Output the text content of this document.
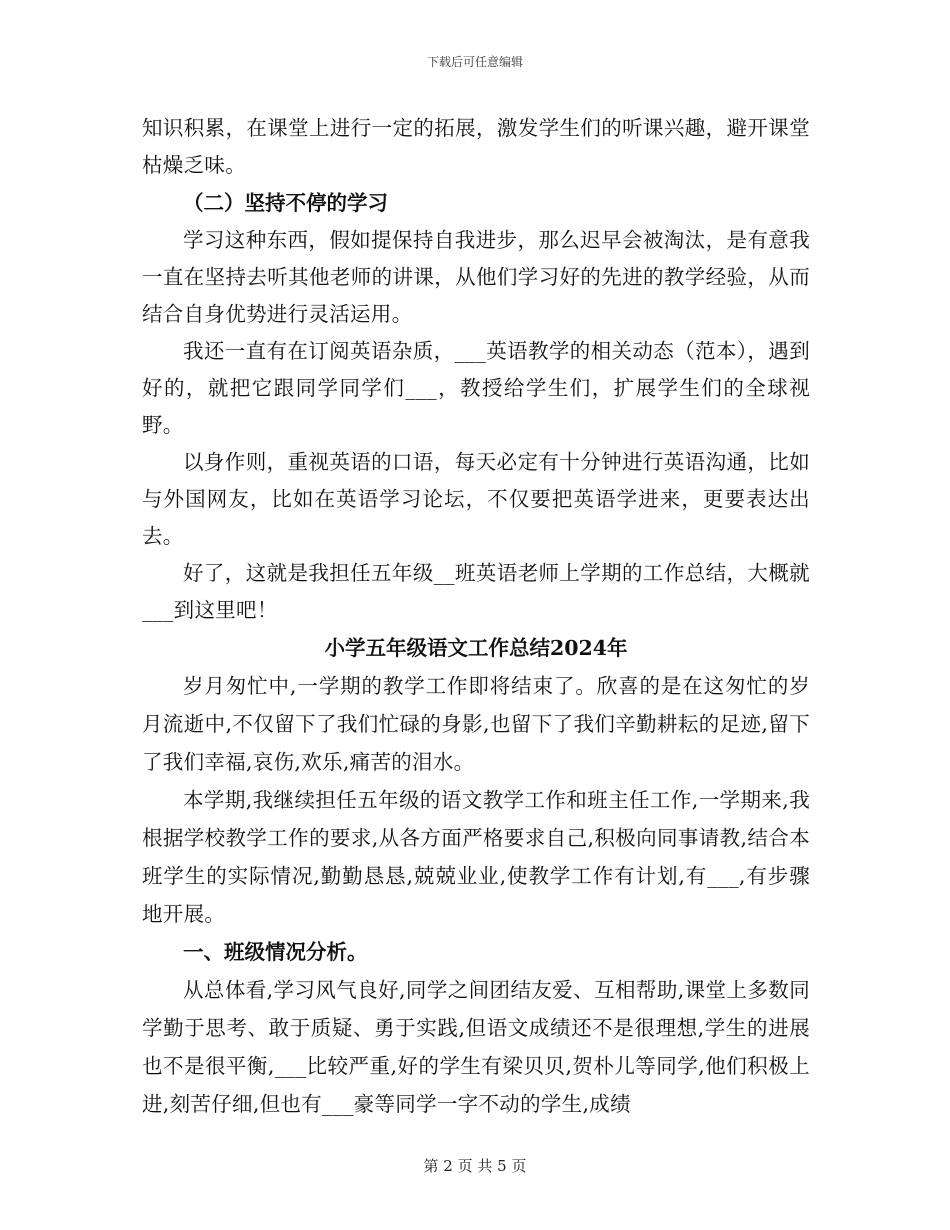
下载后可任意编辑

知识积累，在课堂上进行一定的拓展，激发学生们的听课兴趣，避开课堂枯燥乏味。

（二）坚持不停的学习

学习这种东西，假如提保持自我进步，那么迟早会被淘汰，是有意我一直在坚持去听其他老师的讲课，从他们学习好的先进的教学经验，从而结合自身优势进行灵活运用。

我还一直有在订阅英语杂质，___英语教学的相关动态（范本），遇到好的，就把它跟同学同学们___，教授给学生们，扩展学生们的全球视野。

以身作则，重视英语的口语，每天必定有十分钟进行英语沟通，比如与外国网友，比如在英语学习论坛，不仅要把英语学进来，更要表达出去。

好了，这就是我担任五年级__班英语老师上学期的工作总结，大概就___到这里吧！

小学五年级语文工作总结2024年

岁月匆忙中,一学期的教学工作即将结束了。欣喜的是在这匆忙的岁月流逝中,不仅留下了我们忙碌的身影,也留下了我们辛勤耕耘的足迹,留下了我们幸福,哀伤,欢乐,痛苦的泪水。

本学期,我继续担任五年级的语文教学工作和班主任工作,一学期来,我根据学校教学工作的要求,从各方面严格要求自己,积极向同事请教,结合本班学生的实际情况,勤勤恳恳,兢兢业业,使教学工作有计划,有___,有步骤地开展。

一、班级情况分析。

从总体看,学习风气良好,同学之间团结友爱、互相帮助,课堂上多数同学勤于思考、敢于质疑、勇于实践,但语文成绩还不是很理想,学生的进展也不是很平衡,___比较严重,好的学生有梁贝贝,贺朴儿等同学,他们积极上进,刻苦仔细,但也有___豪等同学一字不动的学生,成绩

第 2 页 共 5 页
